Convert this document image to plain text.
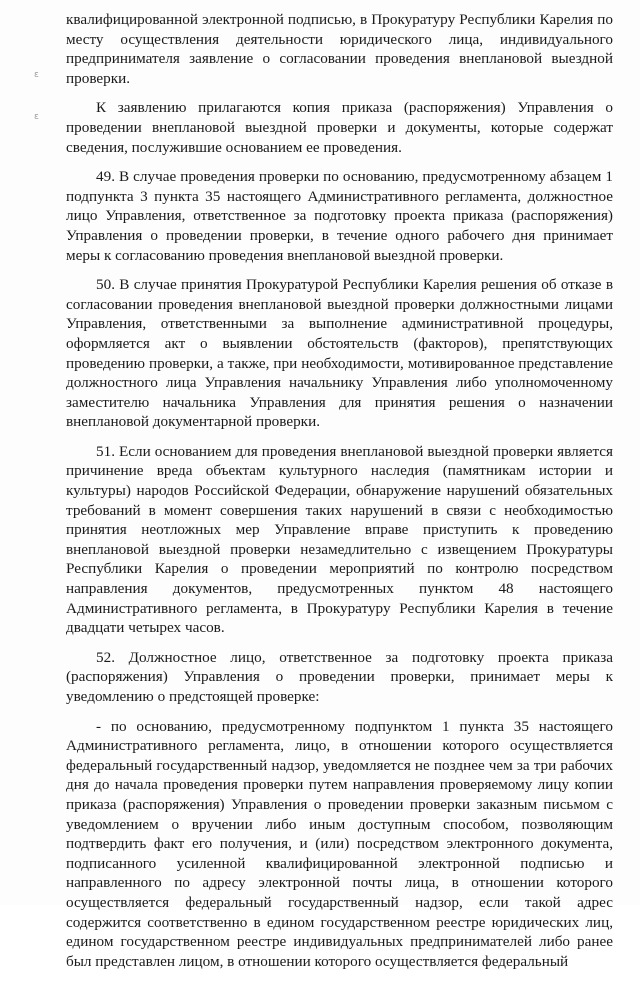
ε
ε

квалифицированной электронной подписью, в Прокуратуру Республики Карелия по месту осуществления деятельности юридического лица, индивидуального предпринимателя заявление о согласовании проведения внеплановой выездной проверки.

К заявлению прилагаются копия приказа (распоряжения) Управления о проведении внеплановой выездной проверки и документы, которые содержат сведения, послужившие основанием ее проведения.

49. В случае проведения проверки по основанию, предусмотренному абзацем 1 подпункта 3 пункта 35 настоящего Административного регламента, должностное лицо Управления, ответственное за подготовку проекта приказа (распоряжения) Управления о проведении проверки, в течение одного рабочего дня принимает меры к согласованию проведения внеплановой выездной проверки.

50. В случае принятия Прокуратурой Республики Карелия решения об отказе в согласовании проведения внеплановой выездной проверки должностными лицами Управления, ответственными за выполнение административной процедуры, оформляется акт о выявлении обстоятельств (факторов), препятствующих проведению проверки, а также, при необходимости, мотивированное представление должностного лица Управления начальнику Управления либо уполномоченному заместителю начальника Управления для принятия решения о назначении внеплановой документарной проверки.

51. Если основанием для проведения внеплановой выездной проверки является причинение вреда объектам культурного наследия (памятникам истории и культуры) народов Российской Федерации, обнаружение нарушений обязательных требований в момент совершения таких нарушений в связи с необходимостью принятия неотложных мер Управление вправе приступить к проведению внеплановой выездной проверки незамедлительно с извещением Прокуратуры Республики Карелия о проведении мероприятий по контролю посредством направления документов, предусмотренных пунктом 48 настоящего Административного регламента, в Прокуратуру Республики Карелия в течение двадцати четырех часов.

52. Должностное лицо, ответственное за подготовку проекта приказа (распоряжения) Управления о проведении проверки, принимает меры к уведомлению о предстоящей проверке:

- по основанию, предусмотренному подпунктом 1 пункта 35 настоящего Административного регламента, лицо, в отношении которого осуществляется федеральный государственный надзор, уведомляется не позднее чем за три рабочих дня до начала проведения проверки путем направления проверяемому лицу копии приказа (распоряжения) Управления о проведении проверки заказным письмом с уведомлением о вручении либо иным доступным способом, позволяющим подтвердить факт его получения, и (или) посредством электронного документа, подписанного усиленной квалифицированной электронной подписью и направленного по адресу электронной почты лица, в отношении которого осуществляется федеральный государственный надзор, если такой адрес содержится соответственно в едином государственном реестре юридических лиц, едином государственном реестре индивидуальных предпринимателей либо ранее был представлен лицом, в отношении которого осуществляется федеральный
